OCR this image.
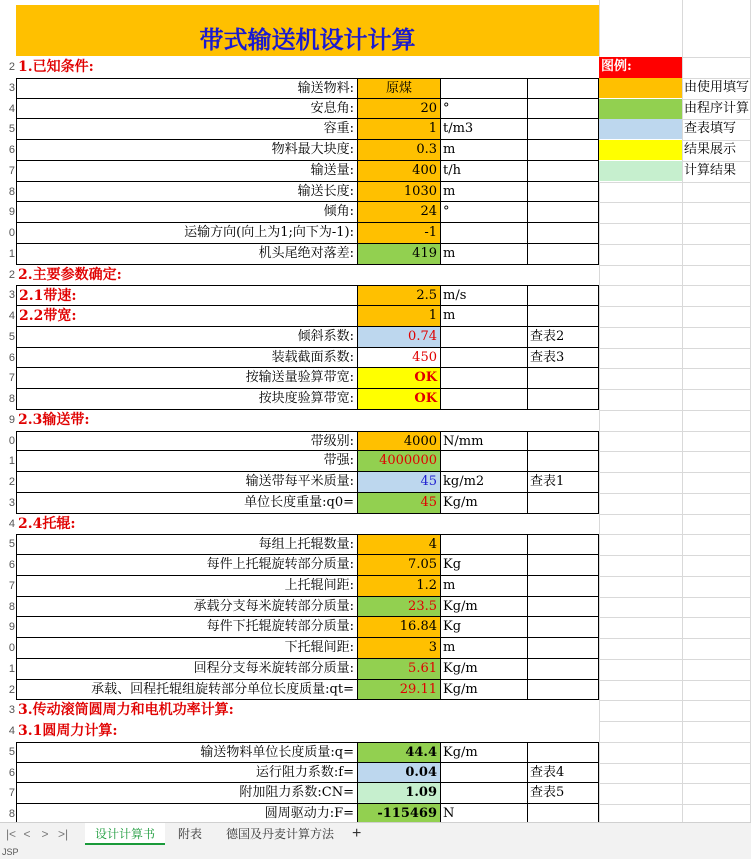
带式输送机设计计算
2
3
4
5
6
7
8
9
0
1
2
3
4
5
6
7
8
9
0
1
2
3
4
5
6
7
8
9
0
1
2
3
4
5
6
7
8
图例:
由使用填写
由程序计算
查表填写
结果展示
计算结果
1.已知条件:
输送物料:	原煤
安息角:	20 °
容重:	1 t/m3
物料最大块度:	0.3 m
输送量:	400 t/h
输送长度:	1030 m
倾角:	24 °
运输方向(向上为1;向下为-1):	-1
机头尾绝对落差:	419 m
2.主要参数确定:
2.1带速:	2.5 m/s
2.2带宽:	1 m
倾斜系数:	0.74	查表2
装载截面系数:	450	查表3
按输送量验算带宽:	OK
按块度验算带宽:	OK
2.3输送带:
带级别:	4000 N/mm
带强:	4000000
输送带每平米质量:	45 kg/m2	查表1
单位长度重量:q0=	45 Kg/m
2.4托辊:
每组上托辊数量:	4
每件上托辊旋转部分质量:	7.05 Kg
上托辊间距:	1.2 m
承载分支每米旋转部分质量:	23.5 Kg/m
每件下托辊旋转部分质量:	16.84 Kg
下托辊间距:	3 m
回程分支每米旋转部分质量:	5.61 Kg/m
承载、回程托辊组旋转部分单位长度质量:qt=	29.11 Kg/m
3.传动滚筒圆周力和电机功率计算:
3.1圆周力计算:
输送物料单位长度质量:q=	44.4 Kg/m
运行阻力系数:f=	0.04	查表4
附加阻力系数:CN=	1.09	查表5
圆周驱动力:F=	-115469 N
|< < > >|	设计计算书	附表	德国及丹麦计算方法	+
JSP
